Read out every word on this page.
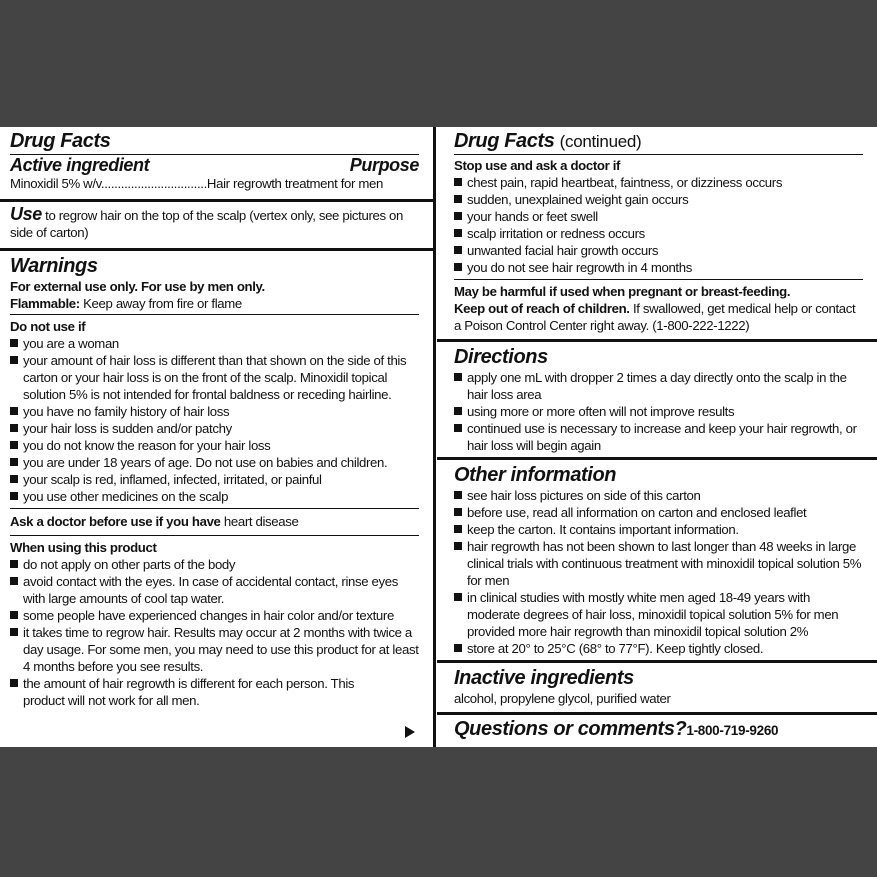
Drug Facts
Active ingredient	Purpose
Minoxidil 5% w/v................................Hair regrowth treatment for men
Use to regrow hair on the top of the scalp (vertex only, see pictures on side of carton)
Warnings
For external use only. For use by men only.
Flammable: Keep away from fire or flame
Do not use if
you are a woman
your amount of hair loss is different than that shown on the side of this carton or your hair loss is on the front of the scalp. Minoxidil topical solution 5% is not intended for frontal baldness or receding hairline.
you have no family history of hair loss
your hair loss is sudden and/or patchy
you do not know the reason for your hair loss
you are under 18 years of age. Do not use on babies and children.
your scalp is red, inflamed, infected, irritated, or painful
you use other medicines on the scalp
Ask a doctor before use if you have heart disease
When using this product
do not apply on other parts of the body
avoid contact with the eyes. In case of accidental contact, rinse eyes with large amounts of cool tap water.
some people have experienced changes in hair color and/or texture
it takes time to regrow hair. Results may occur at 2 months with twice a day usage. For some men, you may need to use this product for at least 4 months before you see results.
the amount of hair regrowth is different for each person. This product will not work for all men.
Drug Facts (continued)
Stop use and ask a doctor if
chest pain, rapid heartbeat, faintness, or dizziness occurs
sudden, unexplained weight gain occurs
your hands or feet swell
scalp irritation or redness occurs
unwanted facial hair growth occurs
you do not see hair regrowth in 4 months
May be harmful if used when pregnant or breast-feeding.
Keep out of reach of children. If swallowed, get medical help or contact a Poison Control Center right away. (1-800-222-1222)
Directions
apply one mL with dropper 2 times a day directly onto the scalp in the hair loss area
using more or more often will not improve results
continued use is necessary to increase and keep your hair regrowth, or hair loss will begin again
Other information
see hair loss pictures on side of this carton
before use, read all information on carton and enclosed leaflet
keep the carton. It contains important information.
hair regrowth has not been shown to last longer than 48 weeks in large clinical trials with continuous treatment with minoxidil topical solution 5% for men
in clinical studies with mostly white men aged 18-49 years with moderate degrees of hair loss, minoxidil topical solution 5% for men provided more hair regrowth than minoxidil topical solution 2%
store at 20° to 25°C (68° to 77°F). Keep tightly closed.
Inactive ingredients
alcohol, propylene glycol, purified water
Questions or comments?1-800-719-9260
